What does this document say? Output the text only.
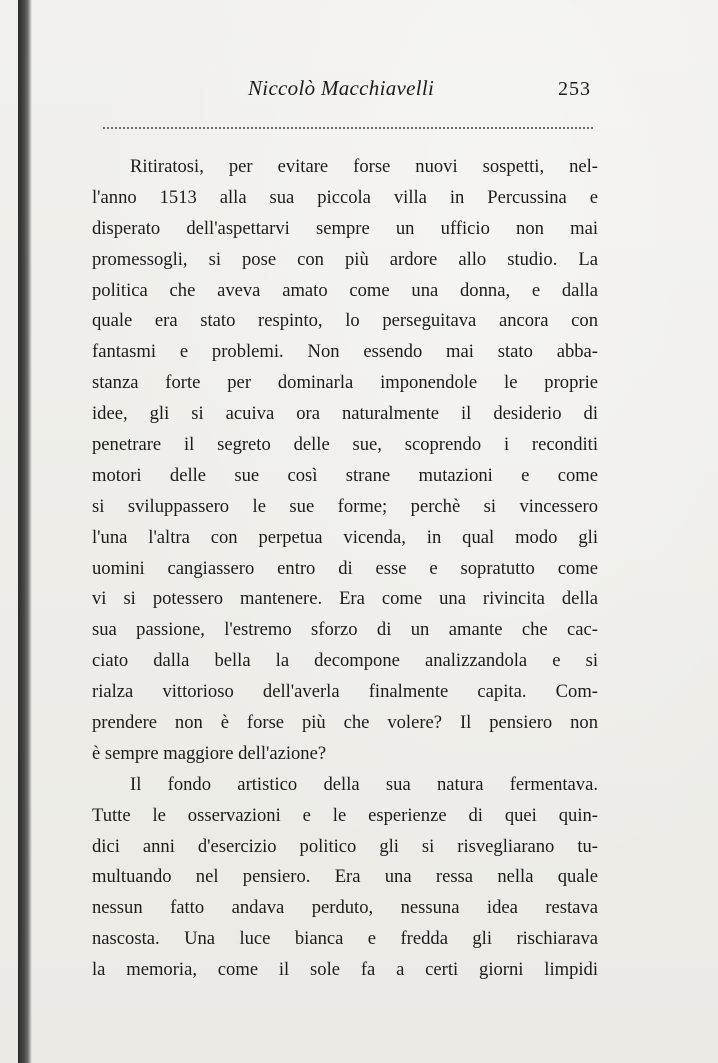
Niccolò Macchiavelli	253
Ritiratosi, per evitare forse nuovi sospetti, nel-
l'anno 1513 alla sua piccola villa in Percussina e
disperato dell'aspettarvi sempre un ufficio non mai
promessogli, si pose con più ardore allo studio. La
politica che aveva amato come una donna, e dalla
quale era stato respinto, lo perseguitava ancora con
fantasmi e problemi. Non essendo mai stato abba-
stanza forte per dominarla imponendole le proprie
idee, gli si acuiva ora naturalmente il desiderio di
penetrare il segreto delle sue, scoprendo i reconditi
motori delle sue così strane mutazioni e come
si sviluppassero le sue forme; perchè si vincessero
l'una l'altra con perpetua vicenda, in qual modo gli
uomini cangiassero entro di esse e sopratutto come
vi si potessero mantenere. Era come una rivincita della
sua passione, l'estremo sforzo di un amante che cac-
ciato dalla bella la decompone analizzandola e si
rialza vittorioso dell'averla finalmente capita. Com-
prendere non è forse più che volere? Il pensiero non
è sempre maggiore dell'azione?
Il fondo artistico della sua natura fermentava.
Tutte le osservazioni e le esperienze di quei quin-
dici anni d'esercizio politico gli si risvegliarano tu-
multuando nel pensiero. Era una ressa nella quale
nessun fatto andava perduto, nessuna idea restava
nascosta. Una luce bianca e fredda gli rischiarava
la memoria, come il sole fa a certi giorni limpidi
